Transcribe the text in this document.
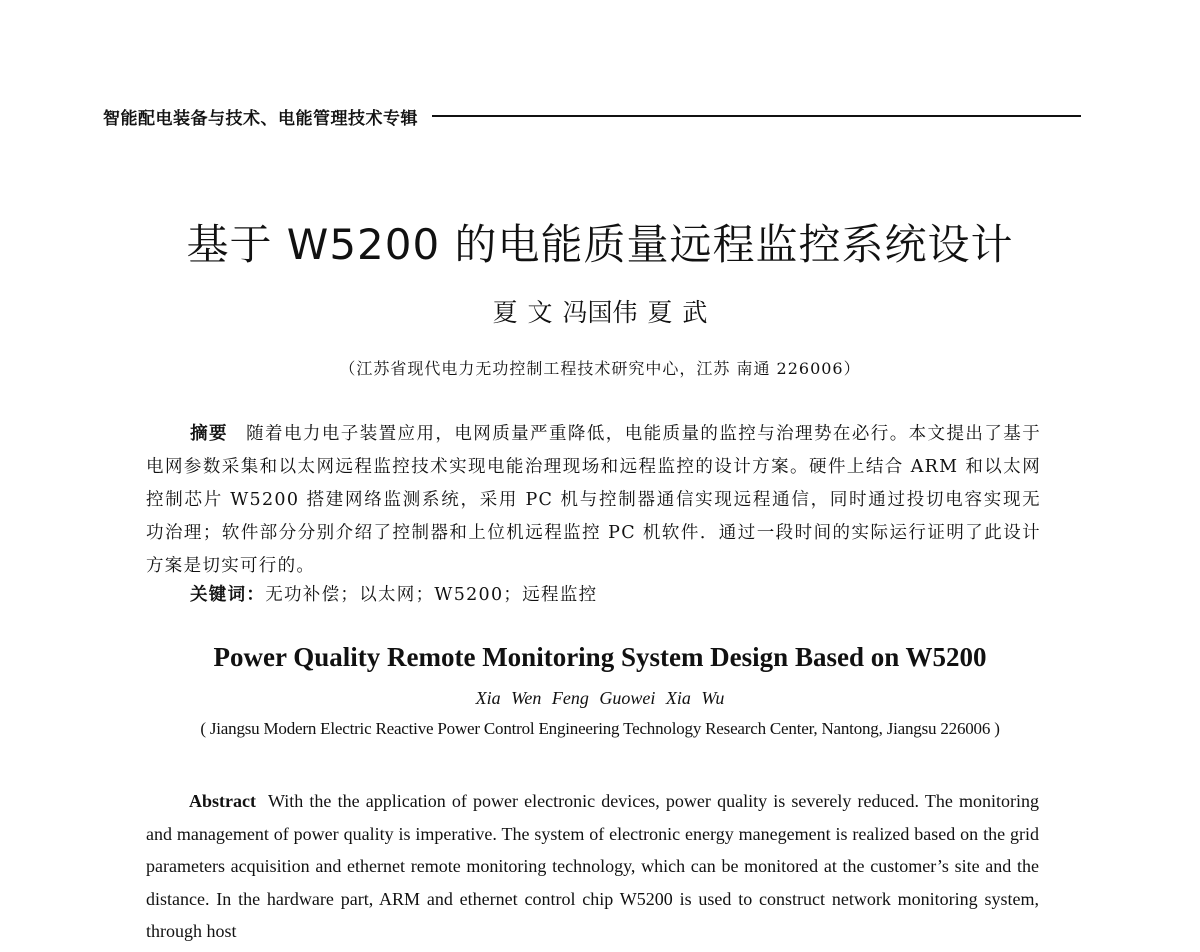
智能配电装备与技术、电能管理技术专辑
基于 W5200 的电能质量远程监控系统设计
夏 文 冯国伟 夏 武
（江苏省现代电力无功控制工程技术研究中心，江苏 南通 226006）
摘要 随着电力电子装置应用，电网质量严重降低，电能质量的监控与治理势在必行。本文提出了基于电网参数采集和以太网远程监控技术实现电能治理现场和远程监控的设计方案。硬件上结合 ARM 和以太网控制芯片 W5200 搭建网络监测系统，采用 PC 机与控制器通信实现远程通信，同时通过投切电容实现无功治理；软件部分分别介绍了控制器和上位机远程监控 PC 机软件．通过一段时间的实际运行证明了此设计方案是切实可行的。
关键词：无功补偿；以太网；W5200；远程监控
Power Quality Remote Monitoring System Design Based on W5200
Xia Wen Feng Guowei Xia Wu
( Jiangsu Modern Electric Reactive Power Control Engineering Technology Research Center, Nantong, Jiangsu 226006 )
Abstract With the the application of power electronic devices, power quality is severely reduced. The monitoring and management of power quality is imperative. The system of electronic energy manegement is realized based on the grid parameters acquisition and ethernet remote monitoring technology, which can be monitored at the customer’s site and the distance. In the hardware part, ARM and ethernet control chip W5200 is used to construct network monitoring system, through host
